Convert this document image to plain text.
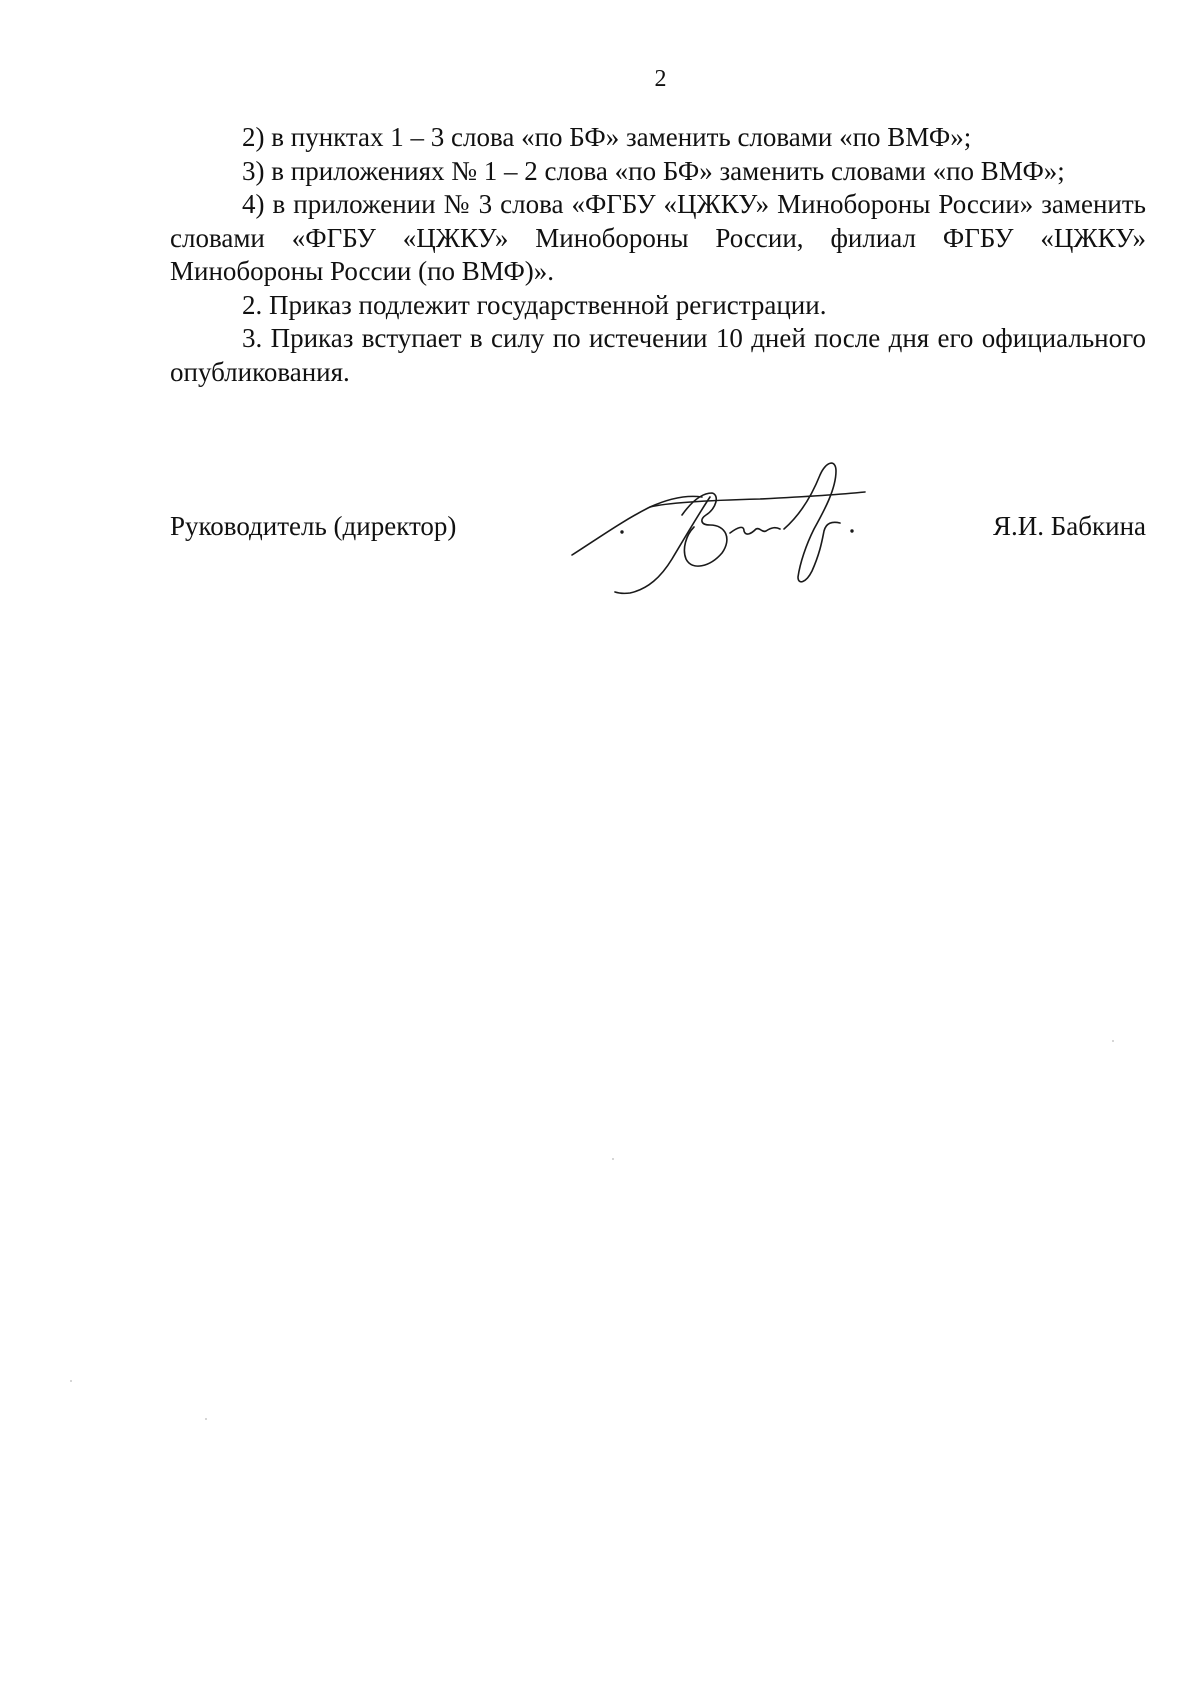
2

2) в пунктах 1 – 3 слова «по БФ» заменить словами «по ВМФ»;

3) в приложениях № 1 – 2 слова «по БФ» заменить словами «по ВМФ»;

4) в приложении № 3 слова «ФГБУ «ЦЖКУ» Минобороны России» заменить словами «ФГБУ «ЦЖКУ» Минобороны России, филиал ФГБУ «ЦЖКУ» Минобороны России (по ВМФ)».

2. Приказ подлежит государственной регистрации.

3. Приказ вступает в силу по истечении 10 дней после дня его официального опубликования.

Руководитель (директор)	Я.И. Бабкина
